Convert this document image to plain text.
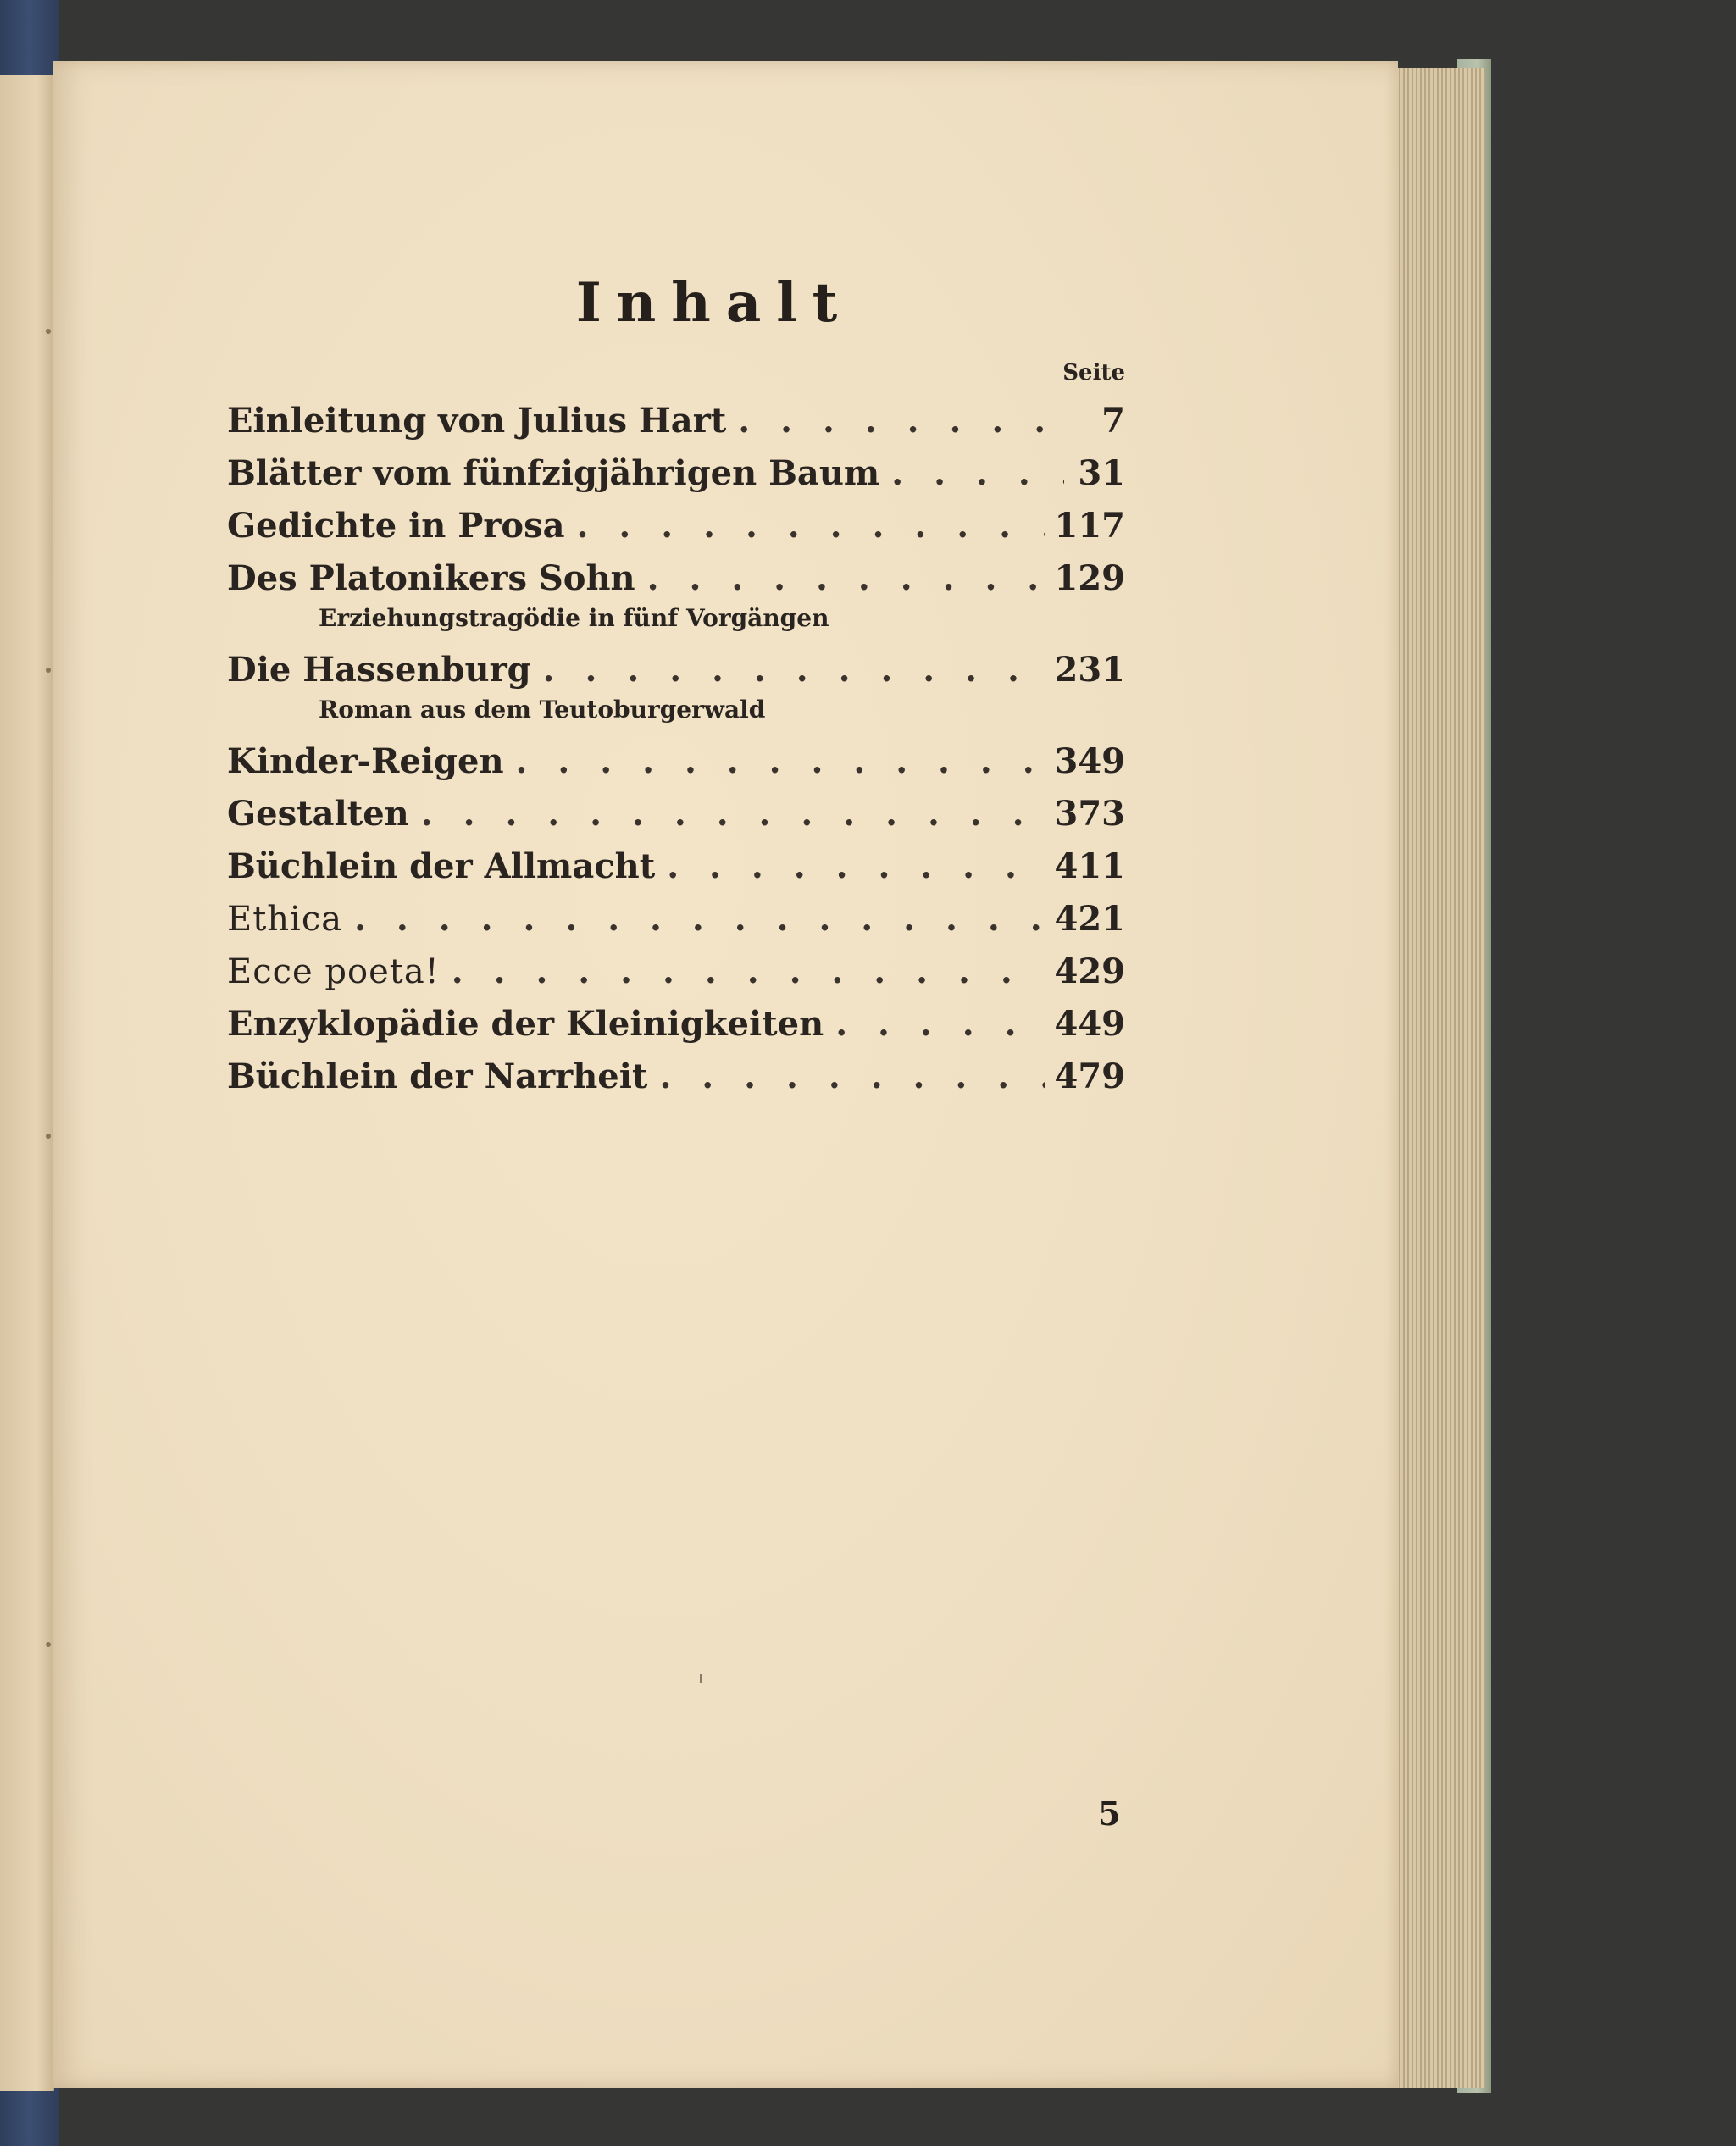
Inhalt
Seite
Einleitung von Julius Hart . . .	7
Blätter vom fünfzigjährigen Baum . . .	31
Gedichte in Prosa . . .	117
Des Platonikers Sohn . . .	129
Erziehungstragödie in fünf Vorgängen
Die Hassenburg . . .	231
Roman aus dem Teutoburgerwald
Kinder-Reigen . . .	349
Gestalten . . .	373
Büchlein der Allmacht . . .	411
Ethica . . .	421
Ecce poeta! . . .	429
Enzyklopädie der Kleinigkeiten . . .	449
Büchlein der Narrheit . . .	479
5
